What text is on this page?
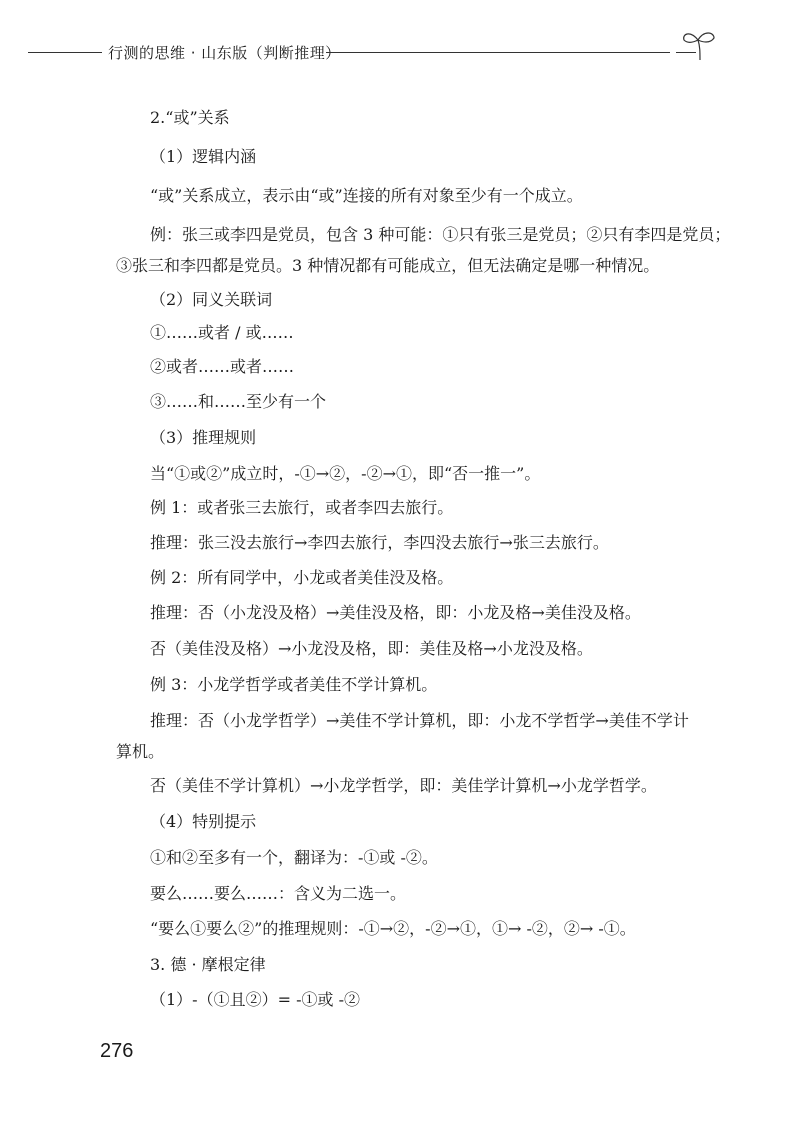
行测的思维 · 山东版（判断推理）
2.“或”关系
（1）逻辑内涵
“或”关系成立，表示由“或”连接的所有对象至少有一个成立。
例：张三或李四是党员，包含 3 种可能：①只有张三是党员；②只有李四是党员；
③张三和李四都是党员。3 种情况都有可能成立，但无法确定是哪一种情况。
（2）同义关联词
①……或者 / 或……
②或者……或者……
③……和……至少有一个
（3）推理规则
当“①或②”成立时，-①→②，-②→①，即“否一推一”。
例 1：或者张三去旅行，或者李四去旅行。
推理：张三没去旅行→李四去旅行，李四没去旅行→张三去旅行。
例 2：所有同学中，小龙或者美佳没及格。
推理：否（小龙没及格）→美佳没及格，即：小龙及格→美佳没及格。
否（美佳没及格）→小龙没及格，即：美佳及格→小龙没及格。
例 3：小龙学哲学或者美佳不学计算机。
推理：否（小龙学哲学）→美佳不学计算机，即：小龙不学哲学→美佳不学计
算机。
否（美佳不学计算机）→小龙学哲学，即：美佳学计算机→小龙学哲学。
（4）特别提示
①和②至多有一个，翻译为：-①或 -②。
要么……要么……：含义为二选一。
“要么①要么②”的推理规则：-①→②，-②→①，①→ -②，②→ -①。
3. 德 · 摩根定律
（1）-（①且②）= -①或 -②
276
